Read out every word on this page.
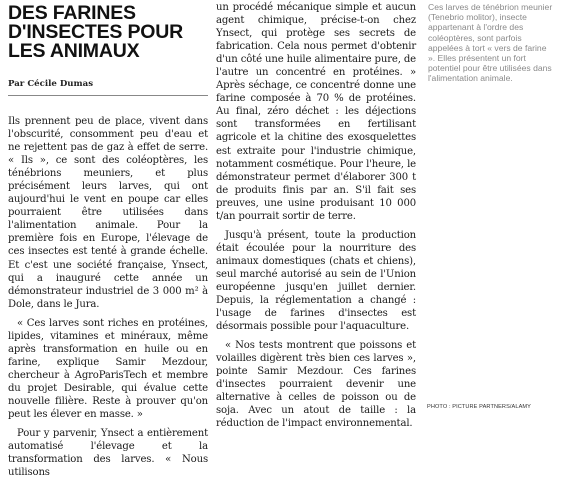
DES FARINES
D'INSECTES POUR
LES ANIMAUX
Par Cécile Dumas

Ils prennent peu de place, vivent dans l'obscurité, consomment peu d'eau et ne rejettent pas de gaz à effet de serre. « Ils », ce sont des coléoptères, les ténébrions meuniers, et plus précisément leurs larves, qui ont aujourd'hui le vent en poupe car elles pourraient être utilisées dans l'alimentation animale. Pour la première fois en Europe, l'élevage de ces insectes est tenté à grande échelle. Et c'est une société française, Ynsect, qui a inauguré cette année un démonstrateur industriel de 3 000 m² à Dole, dans le Jura.

« Ces larves sont riches en protéines, lipides, vitamines et minéraux, même après transformation en huile ou en farine, explique Samir Mezdour, chercheur à AgroParisTech et membre du projet Desirable, qui évalue cette nouvelle filière. Reste à prouver qu'on peut les élever en masse. »

Pour y parvenir, Ynsect a entièrement automatisé l'élevage et la transformation des larves. « Nous utilisons

un procédé mécanique simple et aucun agent chimique, précise-t-on chez Ynsect, qui protège ses secrets de fabrication. Cela nous permet d'obtenir d'un côté une huile alimentaire pure, de l'autre un concentré en protéines. » Après séchage, ce concentré donne une farine composée à 70 % de protéines. Au final, zéro déchet : les déjections sont transformées en fertilisant agricole et la chitine des exosquelettes est extraite pour l'industrie chimique, notamment cosmétique. Pour l'heure, le démonstrateur permet d'élaborer 300 t de produits finis par an. S'il fait ses preuves, une usine produisant 10 000 t/an pourrait sortir de terre.

Jusqu'à présent, toute la production était écoulée pour la nourriture des animaux domestiques (chats et chiens), seul marché autorisé au sein de l'Union européenne jusqu'en juillet dernier. Depuis, la réglementation a changé : l'usage de farines d'insectes est désormais possible pour l'aquaculture.

« Nos tests montrent que poissons et volailles digèrent très bien ces larves », pointe Samir Mezdour. Ces farines d'insectes pourraient devenir une alternative à celles de poisson ou de soja. Avec un atout de taille : la réduction de l'impact environnemental.

Ces larves de ténébrion meunier (Tenebrio molitor), insecte appartenant à l'ordre des coléoptères, sont parfois appelées à tort « vers de farine ». Elles présentent un fort potentiel pour être utilisées dans l'alimentation animale.
PHOTO : PICTURE PARTNERS/ALAMY
